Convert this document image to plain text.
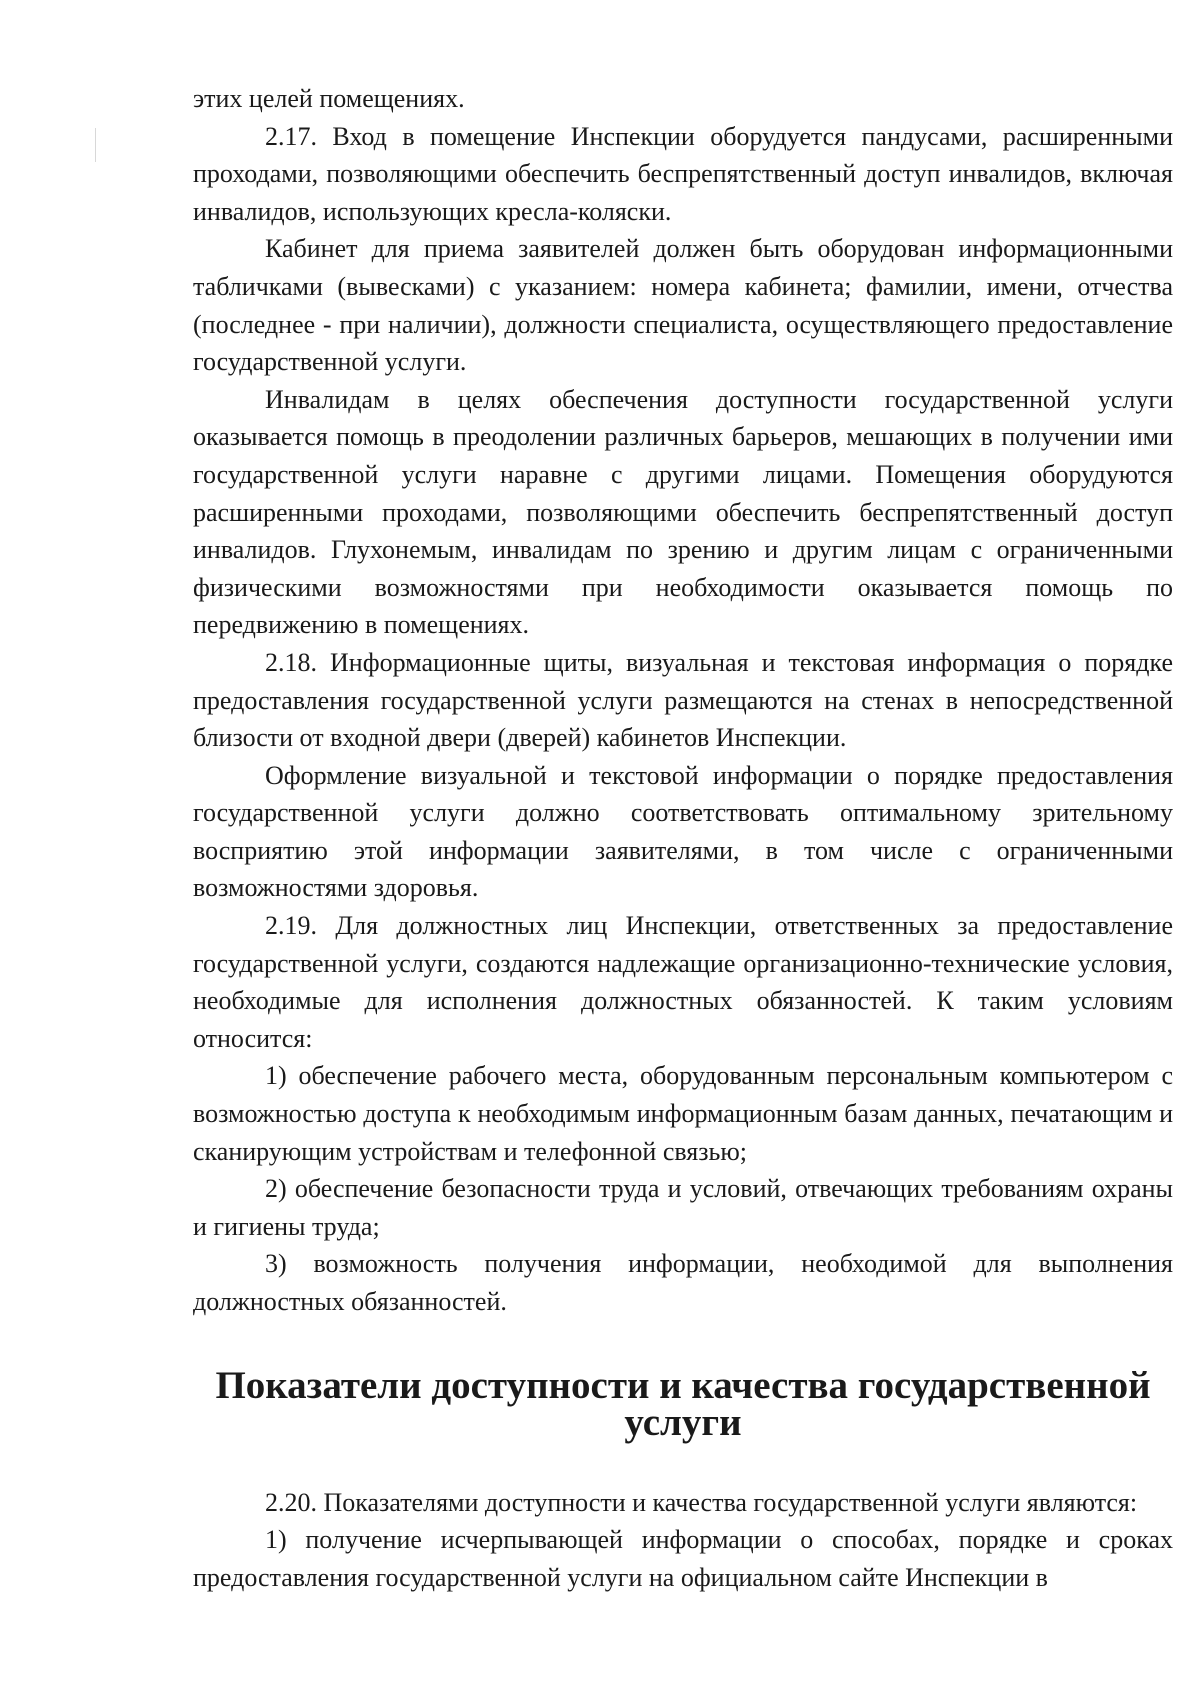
этих целей помещениях.

2.17. Вход в помещение Инспекции оборудуется пандусами, расширенными проходами, позволяющими обеспечить беспрепятственный доступ инвалидов, включая инвалидов, использующих кресла-коляски.

Кабинет для приема заявителей должен быть оборудован информационными табличками (вывесками) с указанием: номера кабинета; фамилии, имени, отчества (последнее - при наличии), должности специалиста, осуществляющего предоставление государственной услуги.

Инвалидам в целях обеспечения доступности государственной услуги оказывается помощь в преодолении различных барьеров, мешающих в получении ими государственной услуги наравне с другими лицами. Помещения оборудуются расширенными проходами, позволяющими обеспечить беспрепятственный доступ инвалидов. Глухонемым, инвалидам по зрению и другим лицам с ограниченными физическими возможностями при необходимости оказывается помощь по передвижению в помещениях.

2.18. Информационные щиты, визуальная и текстовая информация о порядке предоставления государственной услуги размещаются на стенах в непосредственной близости от входной двери (дверей) кабинетов Инспекции.

Оформление визуальной и текстовой информации о порядке предоставления государственной услуги должно соответствовать оптимальному зрительному восприятию этой информации заявителями, в том числе с ограниченными возможностями здоровья.

2.19. Для должностных лиц Инспекции, ответственных за предоставление государственной услуги, создаются надлежащие организационно-технические условия, необходимые для исполнения должностных обязанностей. К таким условиям относится:

1) обеспечение рабочего места, оборудованным персональным компьютером с возможностью доступа к необходимым информационным базам данных, печатающим и сканирующим устройствам и телефонной связью;

2) обеспечение безопасности труда и условий, отвечающих требованиям охраны и гигиены труда;

3) возможность получения информации, необходимой для выполнения должностных обязанностей.

Показатели доступности и качества государственной услуги

2.20. Показателями доступности и качества государственной услуги являются:

1) получение исчерпывающей информации о способах, порядке и сроках предоставления государственной услуги на официальном сайте Инспекции в
